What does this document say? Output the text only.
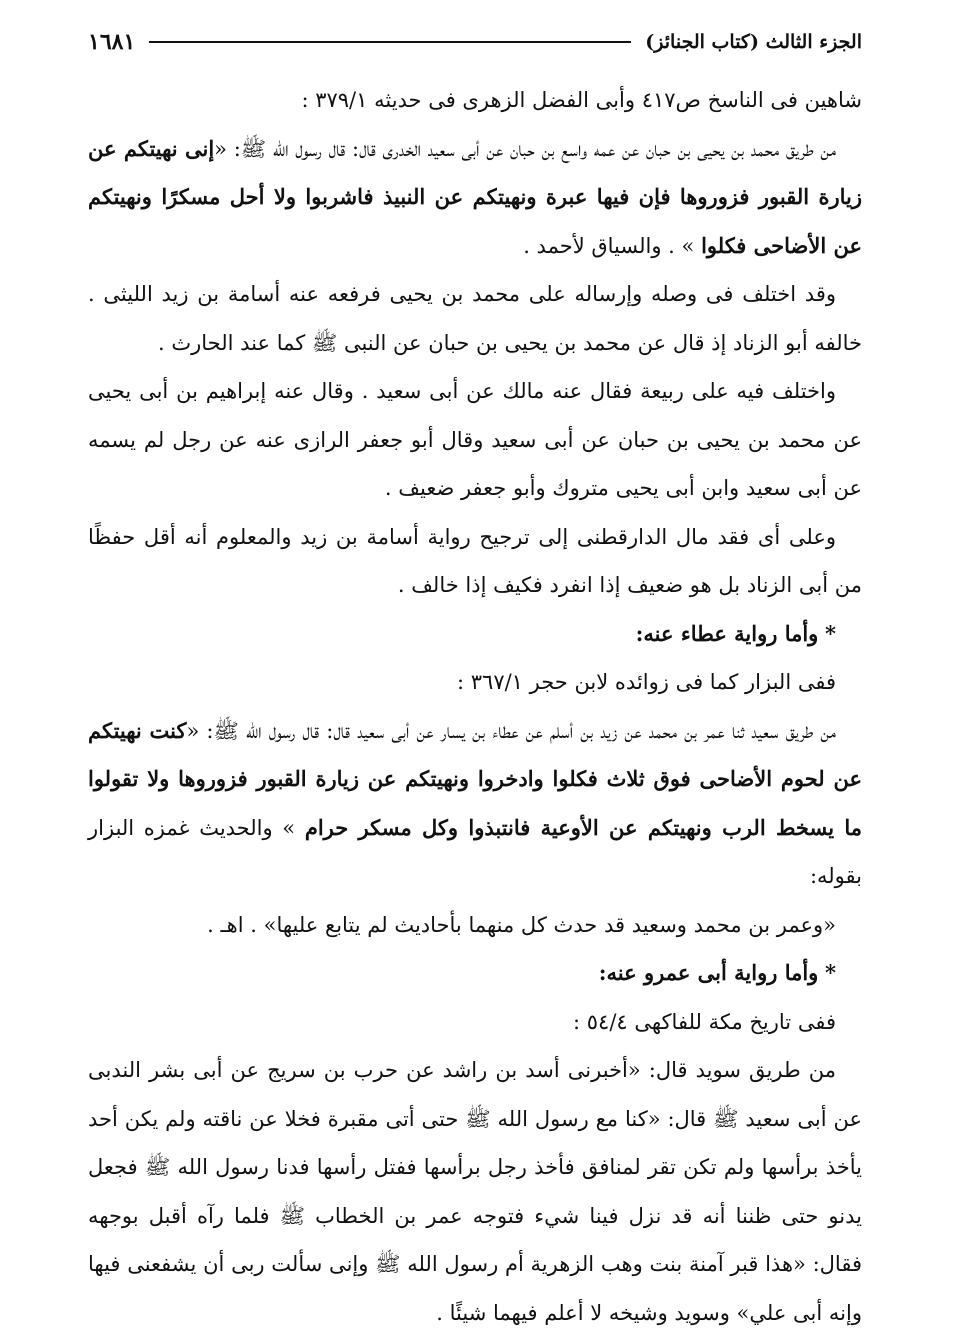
الجزء الثالث (كتاب الجنائز)
١٦٨١

شاهين فى الناسخ ص٤١٧ وأبى الفضل الزهرى فى حديثه ٣٧٩/١ :

من طريق محمد بن يحيى بن حبان عن عمه واسع بن حبان عن أبى سعيد الخدرى قال: قال رسول الله ﷺ: «إنى نهيتكم عن زيارة القبور فزوروها فإن فيها عبرة ونهيتكم عن النبيذ فاشربوا ولا أحل مسكرًا ونهيتكم عن الأضاحى فكلوا » . والسياق لأحمد .

وقد اختلف فى وصله وإرساله على محمد بن يحيى فرفعه عنه أسامة بن زيد الليثى . خالفه أبو الزناد إذ قال عن محمد بن يحيى بن حبان عن النبى ﷺ كما عند الحارث .

واختلف فيه على ربيعة فقال عنه مالك عن أبى سعيد . وقال عنه إبراهيم بن أبى يحيى عن محمد بن يحيى بن حبان عن أبى سعيد وقال أبو جعفر الرازى عنه عن رجل لم يسمه عن أبى سعيد وابن أبى يحيى متروك وأبو جعفر ضعيف .

وعلى أى فقد مال الدارقطنى إلى ترجيح رواية أسامة بن زيد والمعلوم أنه أقل حفظًا من أبى الزناد بل هو ضعيف إذا انفرد فكيف إذا خالف .

* وأما رواية عطاء عنه:

ففى البزار كما فى زوائده لابن حجر ٣٦٧/١ :

من طريق سعيد ثنا عمر بن محمد عن زيد بن أسلم عن عطاء بن يسار عن أبى سعيد قال: قال رسول الله ﷺ: «كنت نهيتكم عن لحوم الأضاحى فوق ثلاث فكلوا وادخروا ونهيتكم عن زيارة القبور فزوروها ولا تقولوا ما يسخط الرب ونهيتكم عن الأوعية فانتبذوا وكل مسكر حرام » والحديث غمزه البزار بقوله:

«وعمر بن محمد وسعيد قد حدث كل منهما بأحاديث لم يتابع عليها» . اهـ .

* وأما رواية أبى عمرو عنه:

ففى تاريخ مكة للفاكهى ٥٤/٤ :

من طريق سويد قال: «أخبرنى أسد بن راشد عن حرب بن سريج عن أبى بشر الندبى عن أبى سعيد ﷺ قال: «كنا مع رسول الله ﷺ حتى أتى مقبرة فخلا عن ناقته ولم يكن أحد يأخذ برأسها ولم تكن تقر لمنافق فأخذ رجل برأسها ففتل رأسها فدنا رسول الله ﷺ فجعل يدنو حتى ظننا أنه قد نزل فينا شيء فتوجه عمر بن الخطاب ﷺ فلما رآه أقبل بوجهه فقال: «هذا قبر آمنة بنت وهب الزهرية أم رسول الله ﷺ وإنى سألت ربى أن يشفعنى فيها وإنه أبى علي» وسويد وشيخه لا أعلم فيهما شيئًا .
